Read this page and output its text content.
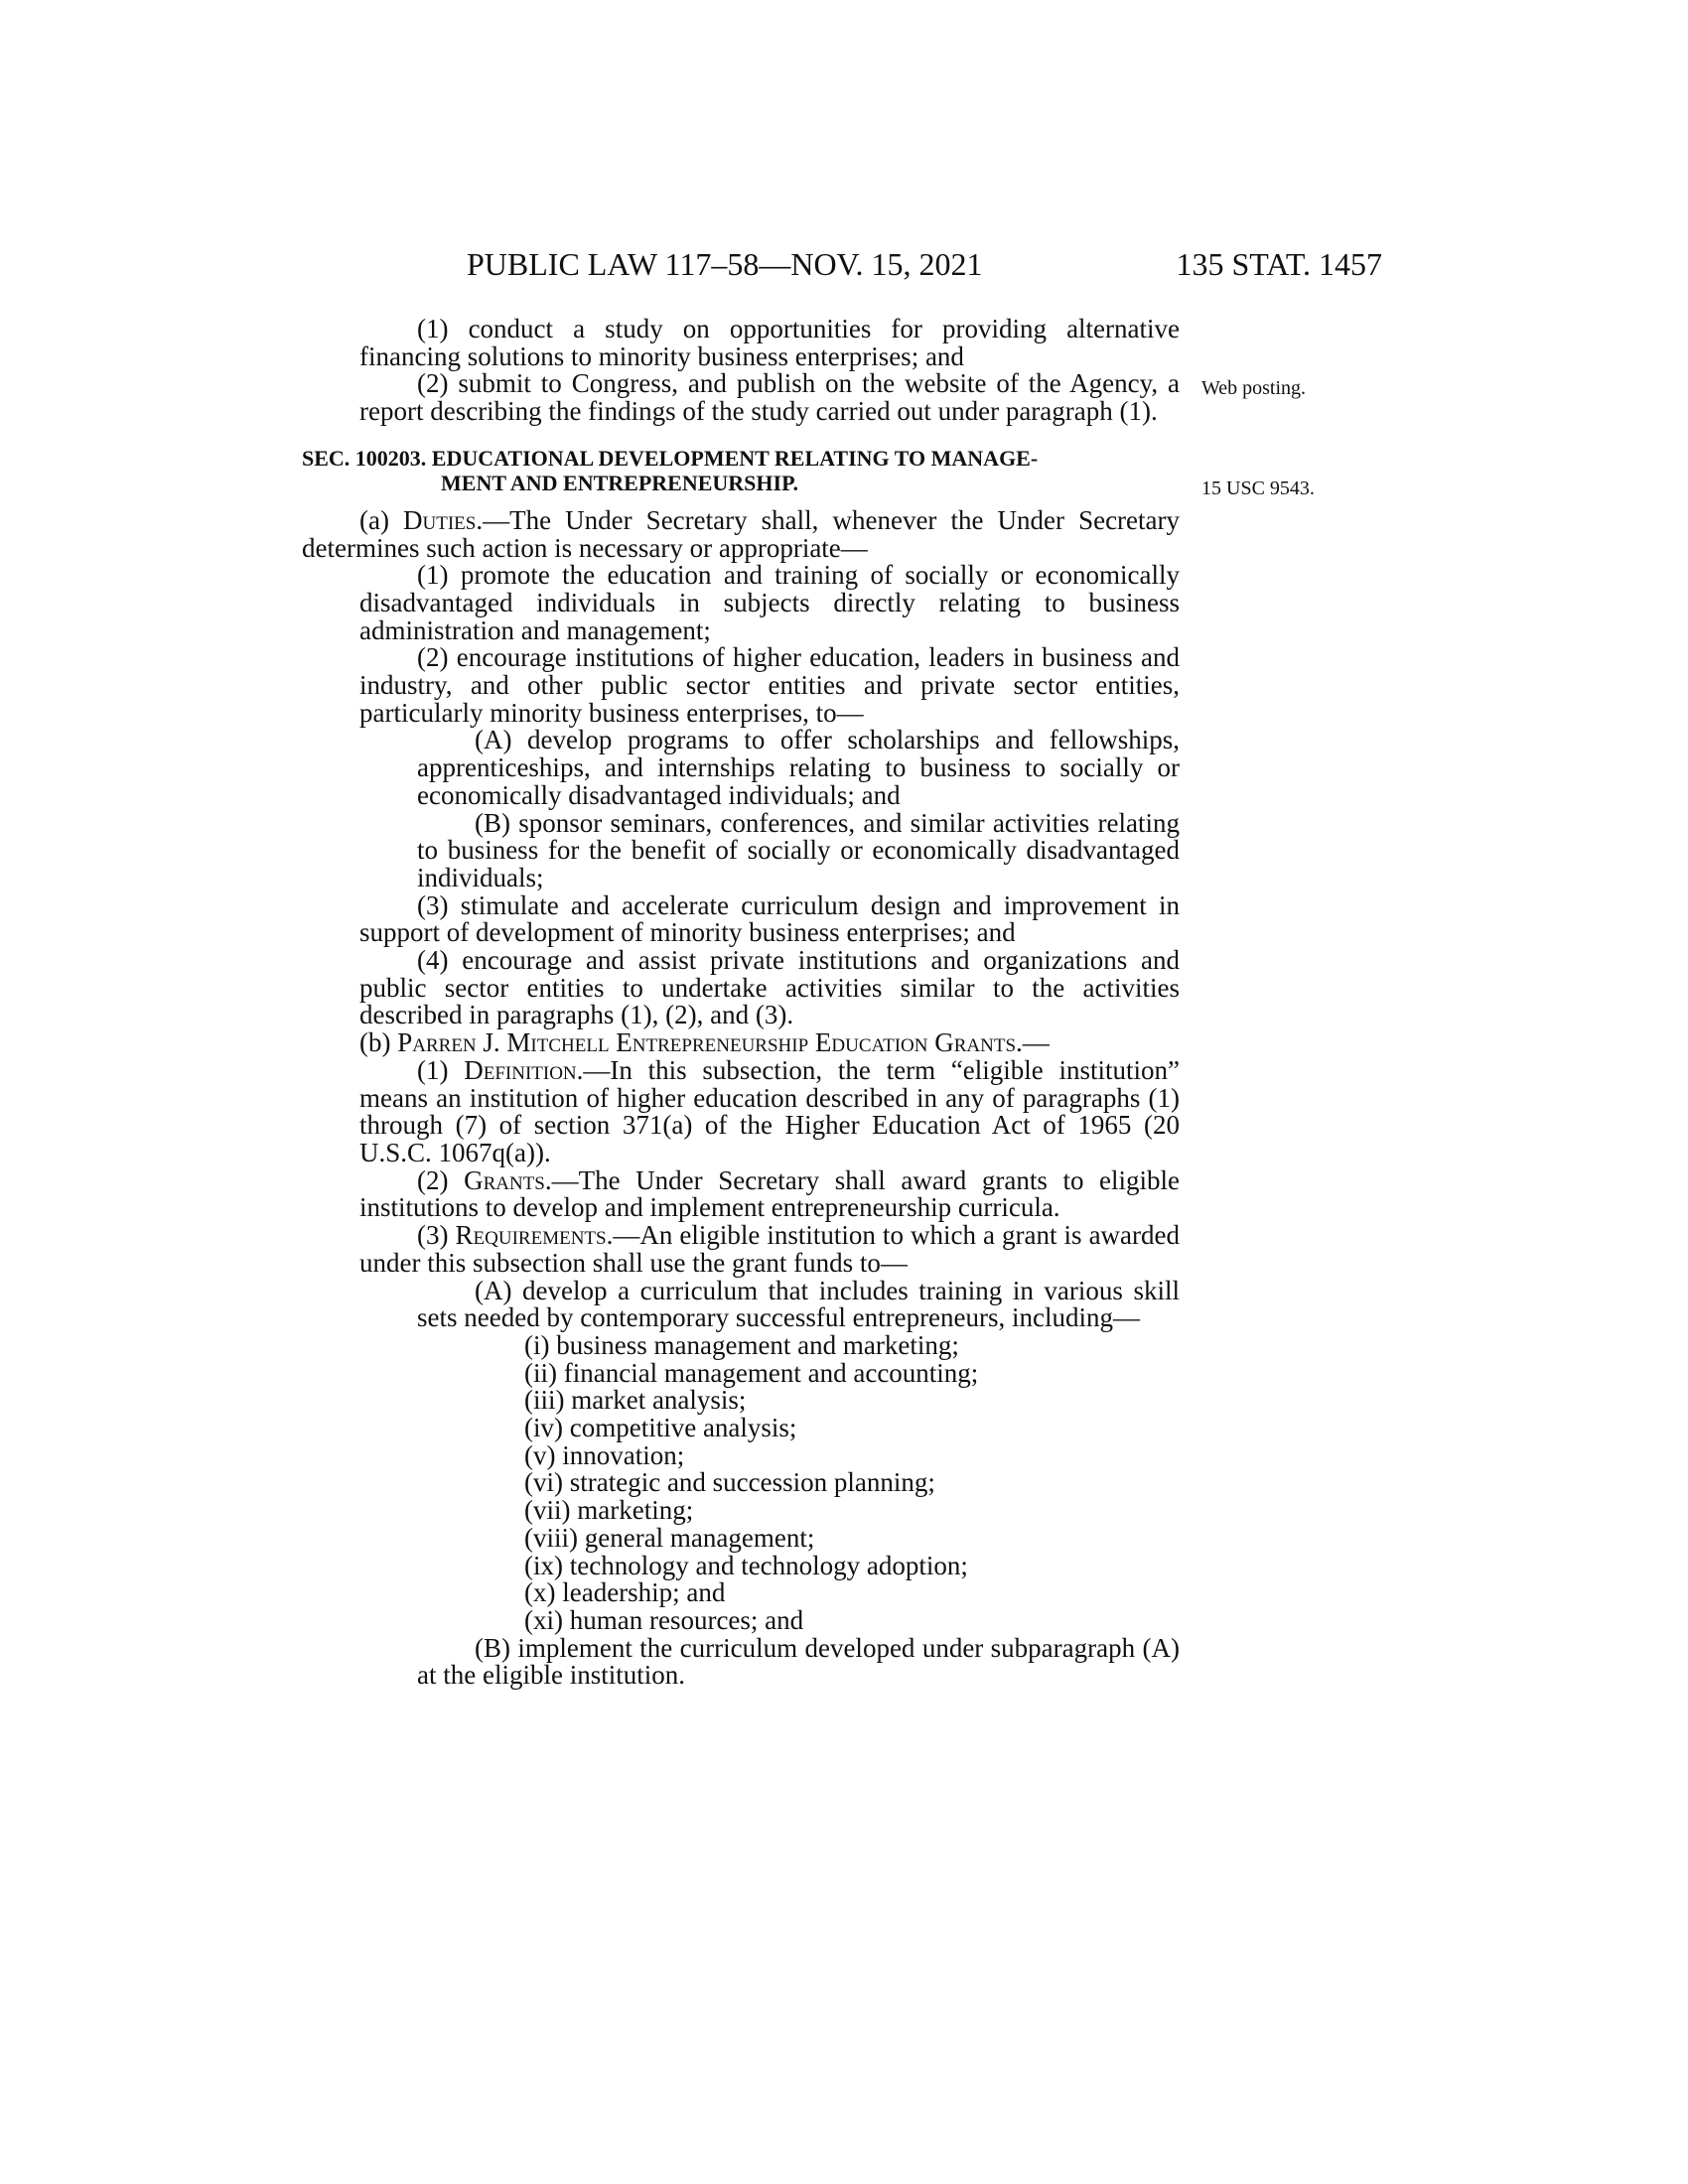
PUBLIC LAW 117–58—NOV. 15, 2021	135 STAT. 1457
Web posting.
15 USC 9543.

(1) conduct a study on opportunities for providing alternative financing solutions to minority business enterprises; and

(2) submit to Congress, and publish on the website of the Agency, a report describing the findings of the study carried out under paragraph (1).

SEC. 100203. EDUCATIONAL DEVELOPMENT RELATING TO MANAGE-
MENT AND ENTREPRENEURSHIP.

(a) Duties.—The Under Secretary shall, whenever the Under Secretary determines such action is necessary or appropriate—

(1) promote the education and training of socially or economically disadvantaged individuals in subjects directly relating to business administration and management;

(2) encourage institutions of higher education, leaders in business and industry, and other public sector entities and private sector entities, particularly minority business enterprises, to—

(A) develop programs to offer scholarships and fellowships, apprenticeships, and internships relating to business to socially or economically disadvantaged individuals; and

(B) sponsor seminars, conferences, and similar activities relating to business for the benefit of socially or economically disadvantaged individuals;

(3) stimulate and accelerate curriculum design and improvement in support of development of minority business enterprises; and

(4) encourage and assist private institutions and organizations and public sector entities to undertake activities similar to the activities described in paragraphs (1), (2), and (3).

(b) Parren J. Mitchell Entrepreneurship Education Grants.—

(1) Definition.—In this subsection, the term “eligible institution” means an institution of higher education described in any of paragraphs (1) through (7) of section 371(a) of the Higher Education Act of 1965 (20 U.S.C. 1067q(a)).

(2) Grants.—The Under Secretary shall award grants to eligible institutions to develop and implement entrepreneurship curricula.

(3) Requirements.—An eligible institution to which a grant is awarded under this subsection shall use the grant funds to—

(A) develop a curriculum that includes training in various skill sets needed by contemporary successful entrepreneurs, including—

(i) business management and marketing;

(ii) financial management and accounting;

(iii) market analysis;

(iv) competitive analysis;

(v) innovation;

(vi) strategic and succession planning;

(vii) marketing;

(viii) general management;

(ix) technology and technology adoption;

(x) leadership; and

(xi) human resources; and

(B) implement the curriculum developed under subparagraph (A) at the eligible institution.
